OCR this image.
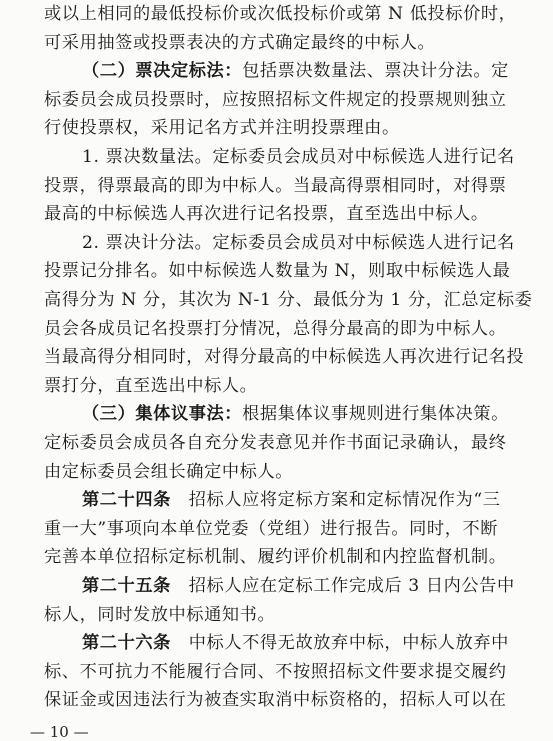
或以上相同的最低投标价或次低投标价或第 N 低投标价时，
可采用抽签或投票表决的方式确定最终的中标人。
（二）票决定标法：包括票决数量法、票决计分法。定
标委员会成员投票时，应按照招标文件规定的投票规则独立
行使投票权，采用记名方式并注明投票理由。
1. 票决数量法。定标委员会成员对中标候选人进行记名
投票，得票最高的即为中标人。当最高得票相同时，对得票
最高的中标候选人再次进行记名投票，直至选出中标人。
2. 票决计分法。定标委员会成员对中标候选人进行记名
投票记分排名。如中标候选人数量为 N，则取中标候选人最
高得分为 N 分，其次为 N-1 分、最低分为 1 分，汇总定标委
员会各成员记名投票打分情况，总得分最高的即为中标人。
当最高得分相同时，对得分最高的中标候选人再次进行记名投
票打分，直至选出中标人。
（三）集体议事法：根据集体议事规则进行集体决策。
定标委员会成员各自充分发表意见并作书面记录确认，最终
由定标委员会组长确定中标人。
第二十四条　招标人应将定标方案和定标情况作为“三
重一大”事项向本单位党委（党组）进行报告。同时，不断
完善本单位招标定标机制、履约评价机制和内控监督机制。
第二十五条　招标人应在定标工作完成后 3 日内公告中
标人，同时发放中标通知书。
第二十六条　中标人不得无故放弃中标，中标人放弃中
标、不可抗力不能履行合同、不按照招标文件要求提交履约
保证金或因违法行为被查实取消中标资格的，招标人可以在
— 10 —
